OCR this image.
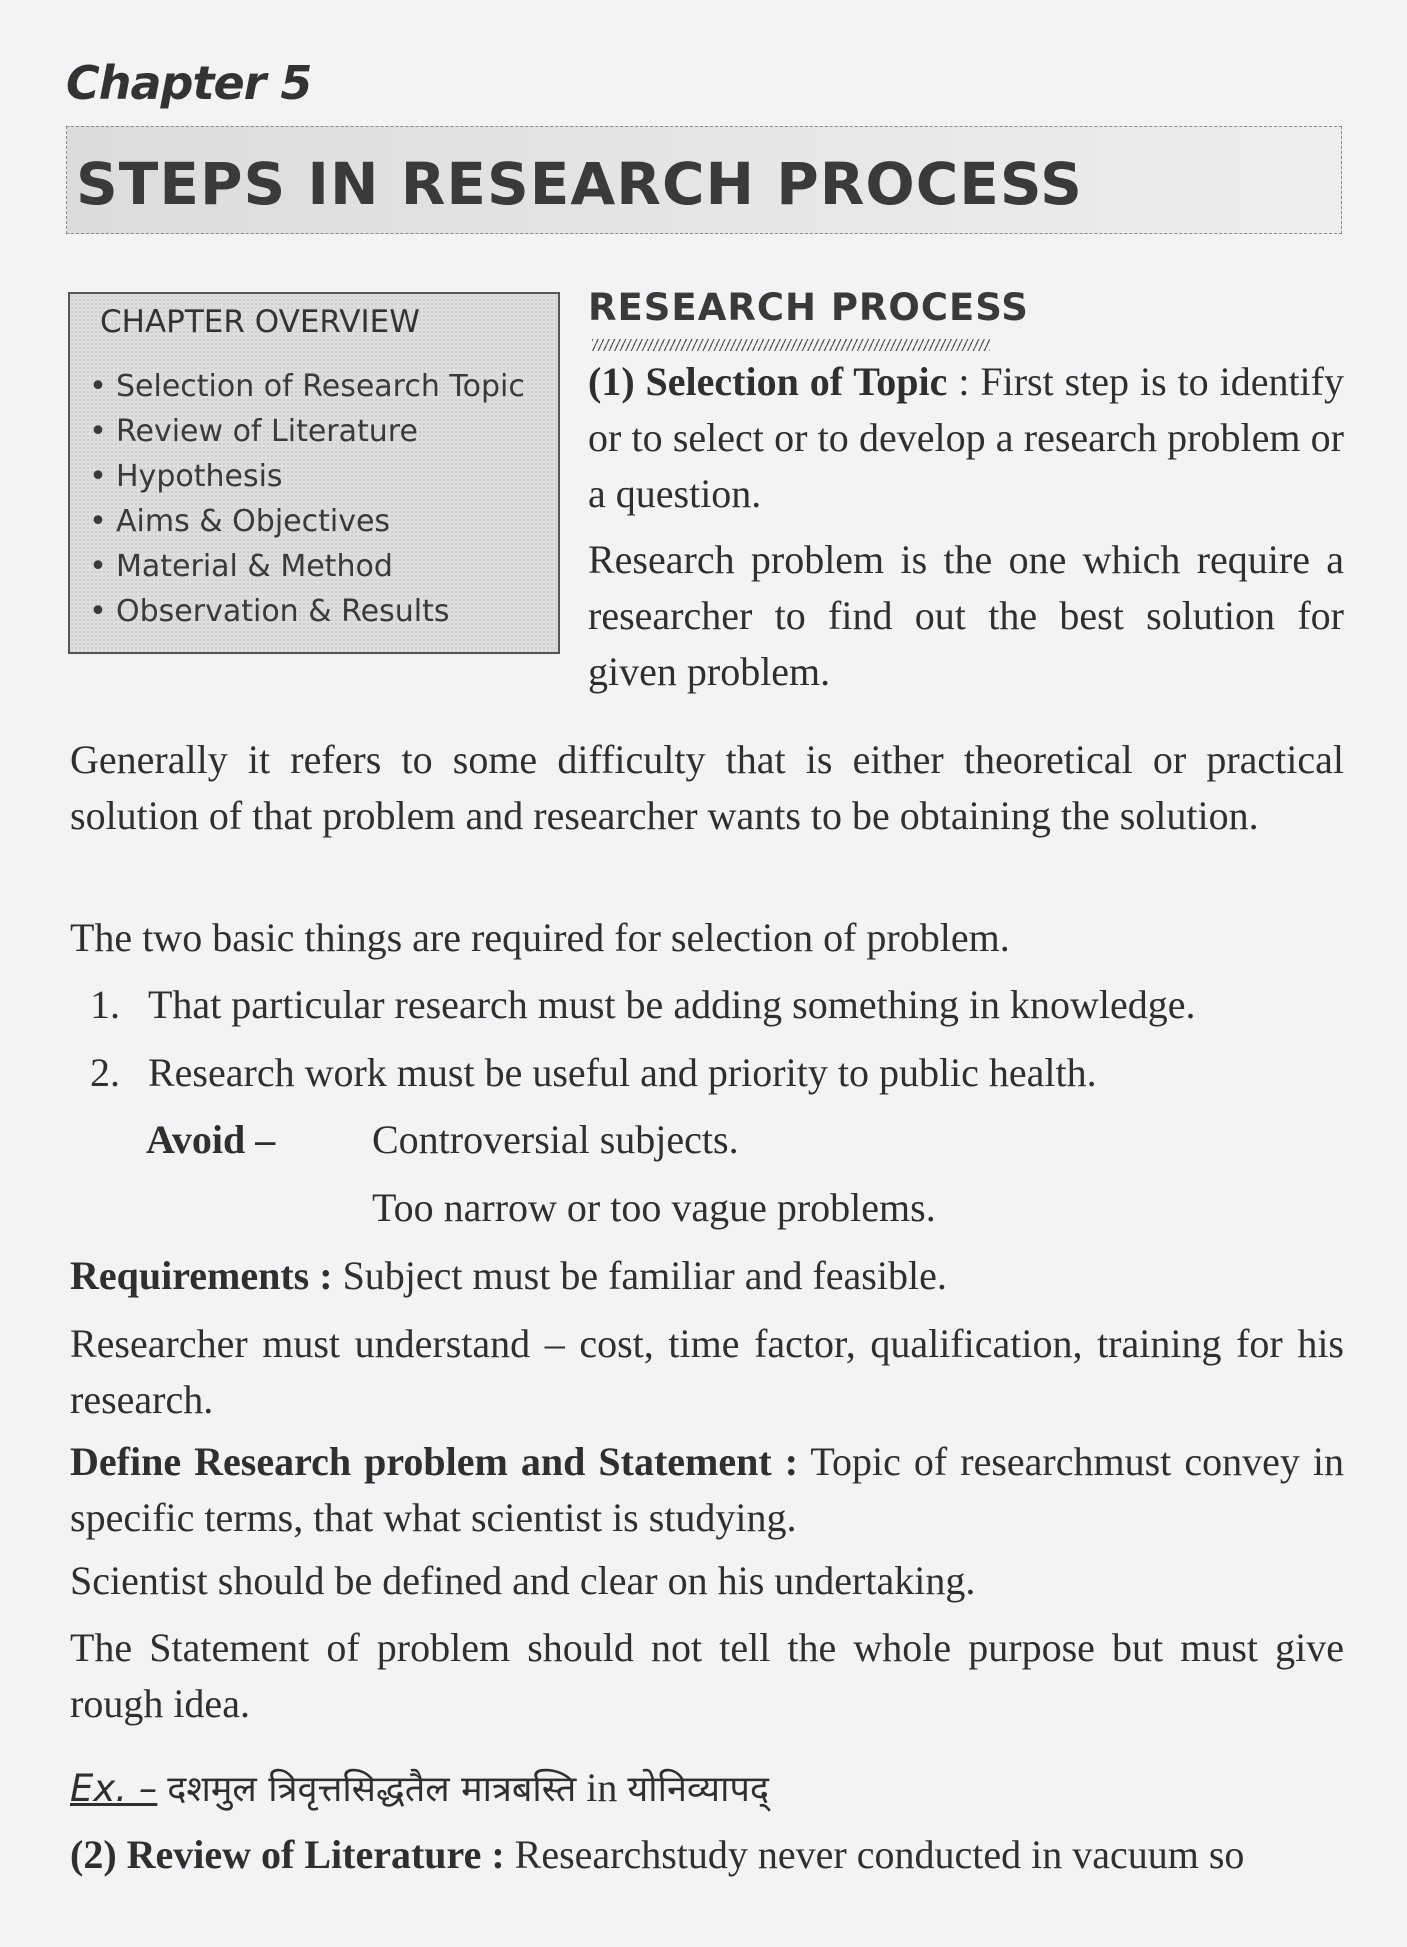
Chapter 5
STEPS IN RESEARCH PROCESS
CHAPTER OVERVIEW
• Selection of Research Topic
• Review of Literature
• Hypothesis
• Aims & Objectives
• Material & Method
• Observation & Results
RESEARCH PROCESS

(1) Selection of Topic : First step is to identify or to select or to develop a research problem or a question.

Research problem is the one which require a researcher to find out the best solution for given problem.

Generally it refers to some difficulty that is either theoretical or practical solution of that problem and researcher wants to be obtaining the solution.

The two basic things are required for selection of problem.

1. That particular research must be adding something in knowledge.

2. Research work must be useful and priority to public health.

Avoid – Controversial subjects.

Too narrow or too vague problems.

Requirements : Subject must be familiar and feasible.

Researcher must understand – cost, time factor, qualification, training for his research.

Define Research problem and Statement : Topic of researchmust convey in specific terms, that what scientist is studying.

Scientist should be defined and clear on his undertaking.

The Statement of problem should not tell the whole purpose but must give rough idea.

Ex. – दशमुल त्रिवृत्तसिद्धतैल मात्रबस्ति in योनिव्यापद्

(2) Review of Literature : Researchstudy never conducted in vacuum so
